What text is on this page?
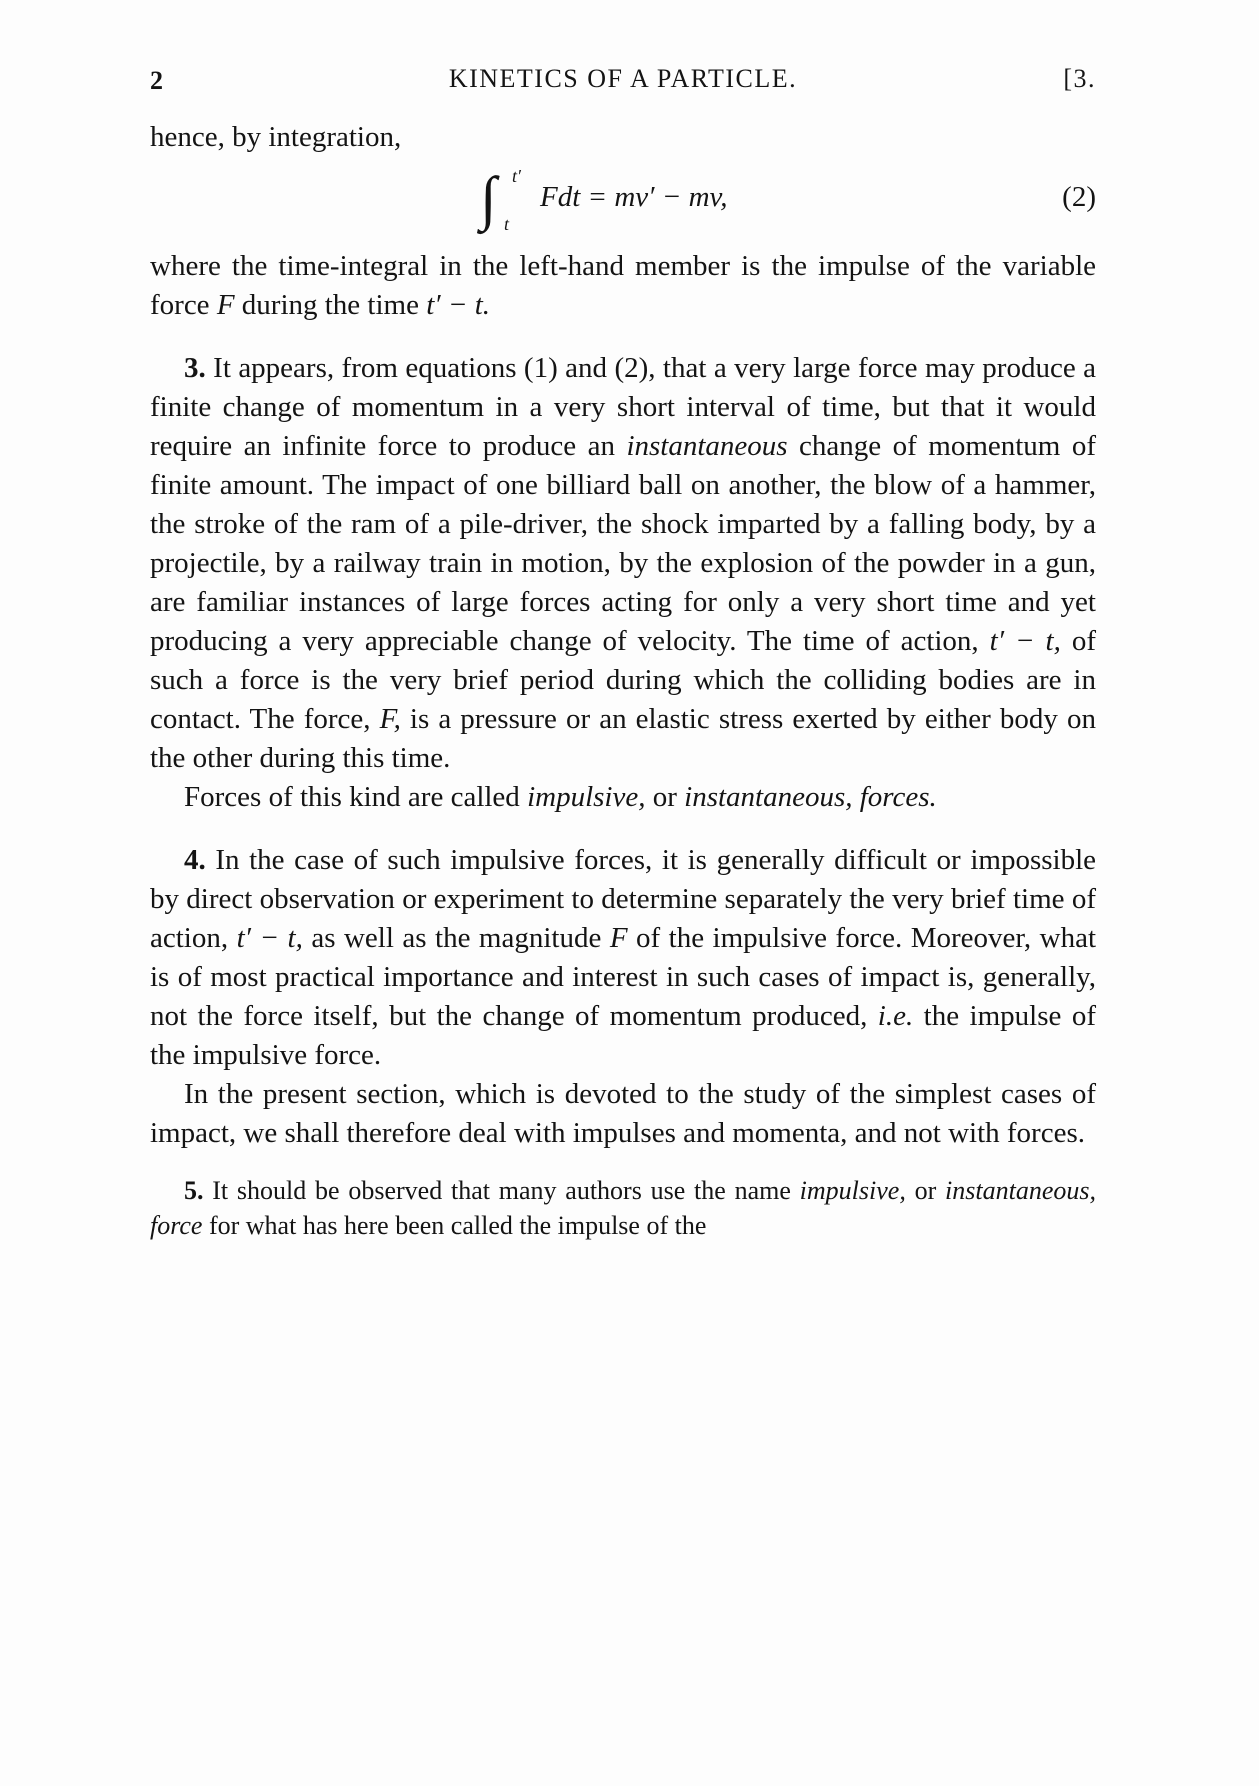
2	KINETICS OF A PARTICLE.	[3.

hence, by integration,

∫ t′
t
Fdt = mv′ − mv,	(2)

where the time-integral in the left-hand member is the impulse of the variable force F during the time t′ − t.

3. It appears, from equations (1) and (2), that a very large force may produce a finite change of momentum in a very short interval of time, but that it would require an infinite force to produce an instantaneous change of momentum of finite amount. The impact of one billiard ball on another, the blow of a hammer, the stroke of the ram of a pile-driver, the shock imparted by a falling body, by a projectile, by a railway train in motion, by the explosion of the powder in a gun, are familiar instances of large forces acting for only a very short time and yet producing a very appreciable change of velocity. The time of action, t′ − t, of such a force is the very brief period during which the colliding bodies are in contact. The force, F, is a pressure or an elastic stress exerted by either body on the other during this time.

Forces of this kind are called impulsive, or instantaneous, forces.

4. In the case of such impulsive forces, it is generally difficult or impossible by direct observation or experiment to determine separately the very brief time of action, t′ − t, as well as the magnitude F of the impulsive force. Moreover, what is of most practical importance and interest in such cases of impact is, generally, not the force itself, but the change of momentum produced, i.e. the impulse of the impulsive force.

In the present section, which is devoted to the study of the simplest cases of impact, we shall therefore deal with impulses and momenta, and not with forces.

5. It should be observed that many authors use the name impulsive, or instantaneous, force for what has here been called the impulse of the
